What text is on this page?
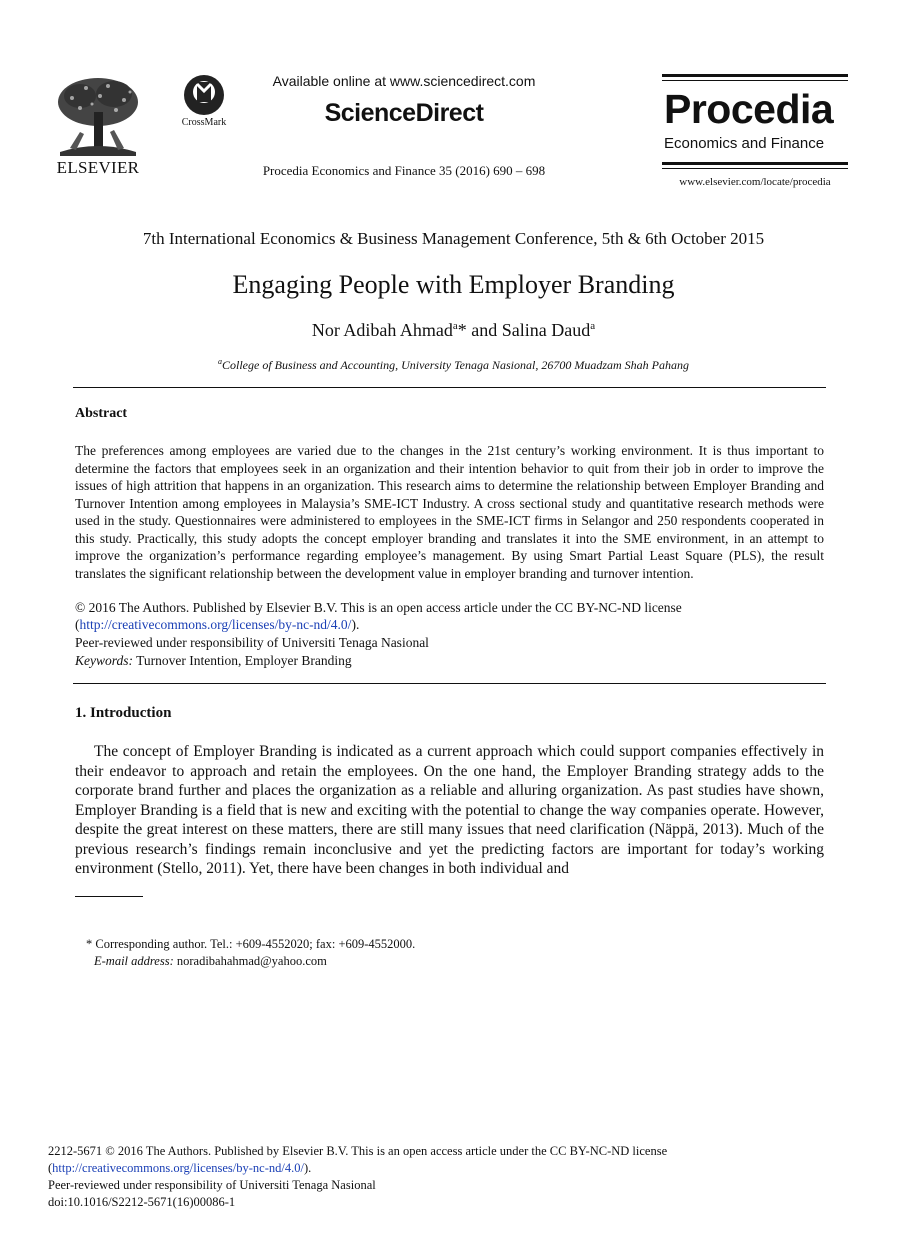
ELSEVIER
CrossMark
Available online at www.sciencedirect.com
ScienceDirect
Procedia Economics and Finance 35 (2016) 690 – 698
Procedia
Economics and Finance
www.elsevier.com/locate/procedia
7th International Economics & Business Management Conference, 5th & 6th October 2015
Engaging People with Employer Branding
Nor Adibah Ahmad$^a$* and Salina Daud$^a$
$^a$College of Business and Accounting, University Tenaga Nasional, 26700 Muadzam Shah Pahang
Abstract
The preferences among employees are varied due to the changes in the 21st century’s working environment. It is thus important to determine the factors that employees seek in an organization and their intention behavior to quit from their job in order to improve the issues of high attrition that happens in an organization. This research aims to determine the relationship between Employer Branding and Turnover Intention among employees in Malaysia’s SME-ICT Industry. A cross sectional study and quantitative research methods were used in the study. Questionnaires were administered to employees in the SME-ICT firms in Selangor and 250 respondents cooperated in this study. Practically, this study adopts the concept employer branding and translates it into the SME environment, in an attempt to improve the organization’s performance regarding employee’s management. By using Smart Partial Least Square (PLS), the result translates the significant relationship between the development value in employer branding and turnover intention.
© 2016 The Authors. Published by Elsevier B.V. This is an open access article under the CC BY-NC-ND license
(http://creativecommons.org/licenses/by-nc-nd/4.0/).
Peer-reviewed under responsibility of Universiti Tenaga Nasional
Keywords: Turnover Intention, Employer Branding
1. Introduction
The concept of Employer Branding is indicated as a current approach which could support companies effectively in their endeavor to approach and retain the employees. On the one hand, the Employer Branding strategy adds to the corporate brand further and places the organization as a reliable and alluring organization. As past studies have shown, Employer Branding is a field that is new and exciting with the potential to change the way companies operate. However, despite the great interest on these matters, there are still many issues that need clarification (Näppä, 2013). Much of the previous research’s findings remain inconclusive and yet the predicting factors are important for today’s working environment (Stello, 2011). Yet, there have been changes in both individual and
* Corresponding author. Tel.: +609-4552020; fax: +609-4552000.
E-mail address: noradibahahmad@yahoo.com
2212-5671 © 2016 The Authors. Published by Elsevier B.V. This is an open access article under the CC BY-NC-ND license
(http://creativecommons.org/licenses/by-nc-nd/4.0/).
Peer-reviewed under responsibility of Universiti Tenaga Nasional
doi:10.1016/S2212-5671(16)00086-1
